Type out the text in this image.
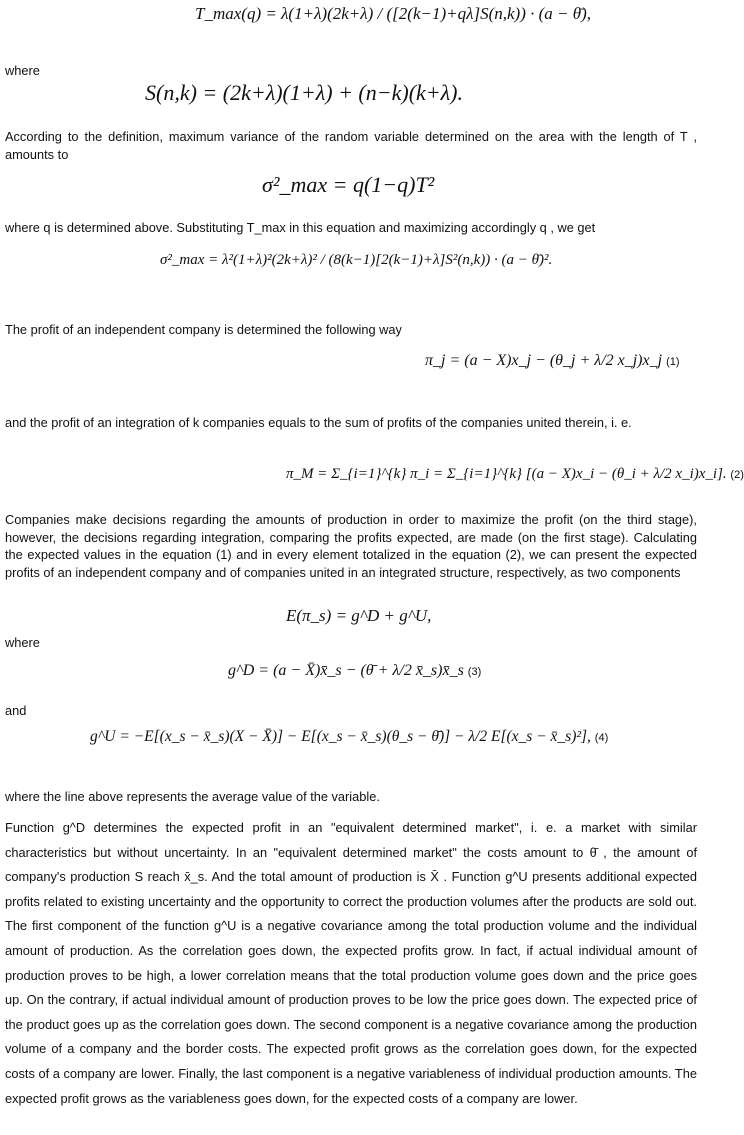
T_max(q) = λ(1+λ)(2k+λ) / ([2(k−1)+qλ]S(n,k)) · (a − θ̄),
where
S(n,k) = (2k+λ)(1+λ) + (n−k)(k+λ).
According to the definition, maximum variance of the random variable determined on the area with the length of T , amounts to
σ²_max = q(1−q)T²
where q is determined above. Substituting T_max in this equation and maximizing accordingly q , we get
σ²_max = λ²(1+λ)²(2k+λ)² / (8(k−1)[2(k−1)+λ]S²(n,k)) · (a − θ̄)².
The profit of an independent company is determined the following way
π_j = (a − X)x_j − (θ_j + λ/2 x_j)x_j (1)
and the profit of an integration of k companies equals to the sum of profits of the companies united therein, i. e.
π_M = Σ_{i=1}^{k} π_i = Σ_{i=1}^{k} [(a − X)x_i − (θ_i + λ/2 x_i)x_i]. (2)
Companies make decisions regarding the amounts of production in order to maximize the profit (on the third stage), however, the decisions regarding integration, comparing the profits expected, are made (on the first stage). Calculating the expected values in the equation (1) and in every element totalized in the equation (2), we can present the expected profits of an independent company and of companies united in an integrated structure, respectively, as two components
E(π_s) = g^D + g^U,
where
g^D = (a − X̄)x̄_s − (θ̄ + λ/2 x̄_s)x̄_s (3)
and
g^U = −E[(x_s − x̄_s)(X − X̄)] − E[(x_s − x̄_s)(θ_s − θ̄)] − λ/2 E[(x_s − x̄_s)²], (4)
where the line above represents the average value of the variable.
Function g^D determines the expected profit in an "equivalent determined market", i. e. a market with similar characteristics but without uncertainty. In an "equivalent determined market" the costs amount to θ̄ , the amount of company's production S reach x̄_s. And the total amount of production is X̄ . Function g^U presents additional expected profits related to existing uncertainty and the opportunity to correct the production volumes after the products are sold out. The first component of the function g^U is a negative covariance among the total production volume and the individual amount of production. As the correlation goes down, the expected profits grow. In fact, if actual individual amount of production proves to be high, a lower correlation means that the total production volume goes down and the price goes up. On the contrary, if actual individual amount of production proves to be low the price goes down. The expected price of the product goes up as the correlation goes down. The second component is a negative covariance among the production volume of a company and the border costs. The expected profit grows as the correlation goes down, for the expected costs of a company are lower. Finally, the last component is a negative variableness of individual production amounts. The expected profit grows as the variableness goes down, for the expected costs of a company are lower.
